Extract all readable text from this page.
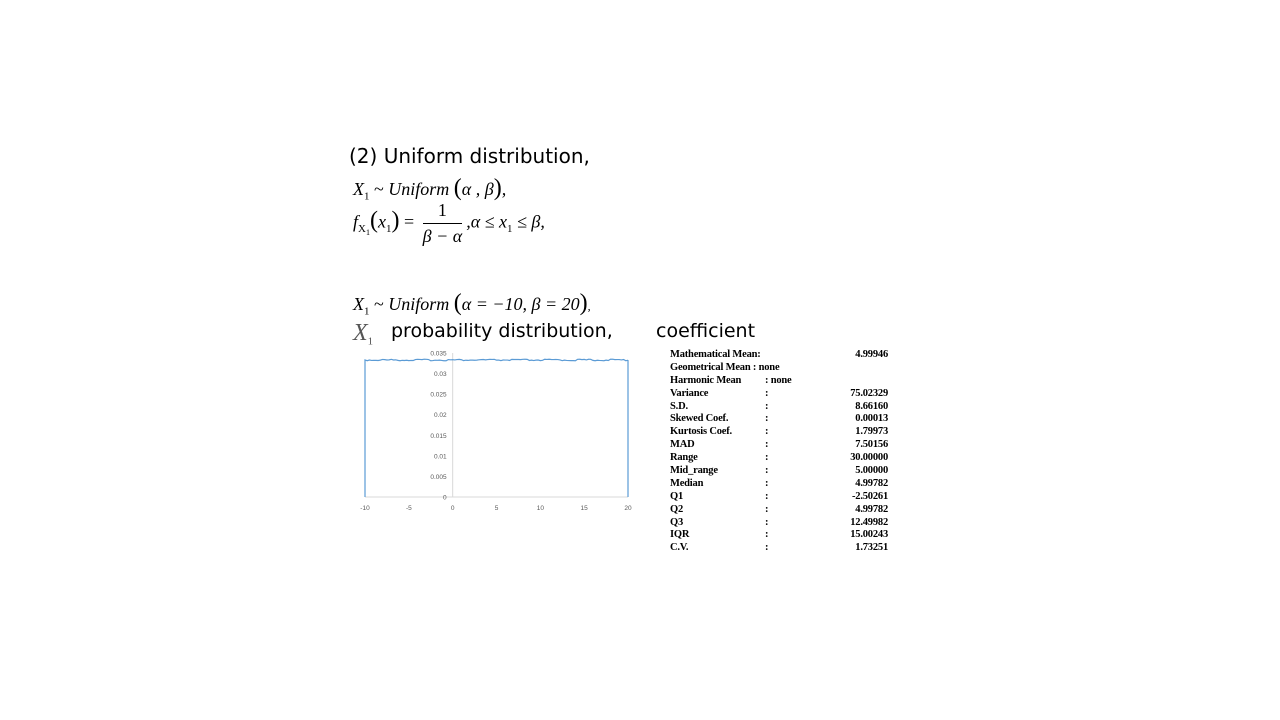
(2) Uniform distribution,
$X_1$ ~ Uniform (α , β),
$f_{X_1}(x_1) = \frac{1}{\beta - \alpha} ,\alpha \le x_1 \le \beta$,
$X_1$ ~ Uniform (α = −10, β = 20),
$X_1$ probability distribution, coefficient
0
0.005
0.01
0.015
0.02
0.025
0.03
0.035
-10	-5	0	5	10	15	20
Mathematical Mean:	4.99946
Geometrical Mean : none
Harmonic Mean : none
Variance	:	75.02329
S.D.	:	8.66160
Skewed Coef.	:	0.00013
Kurtosis Coef.	:	1.79973
MAD	:	7.50156
Range	:	30.00000
Mid_range	:	5.00000
Median	:	4.99782
Q1	:	-2.50261
Q2	:	4.99782
Q3	:	12.49982
IQR	:	15.00243
C.V.	:	1.73251
